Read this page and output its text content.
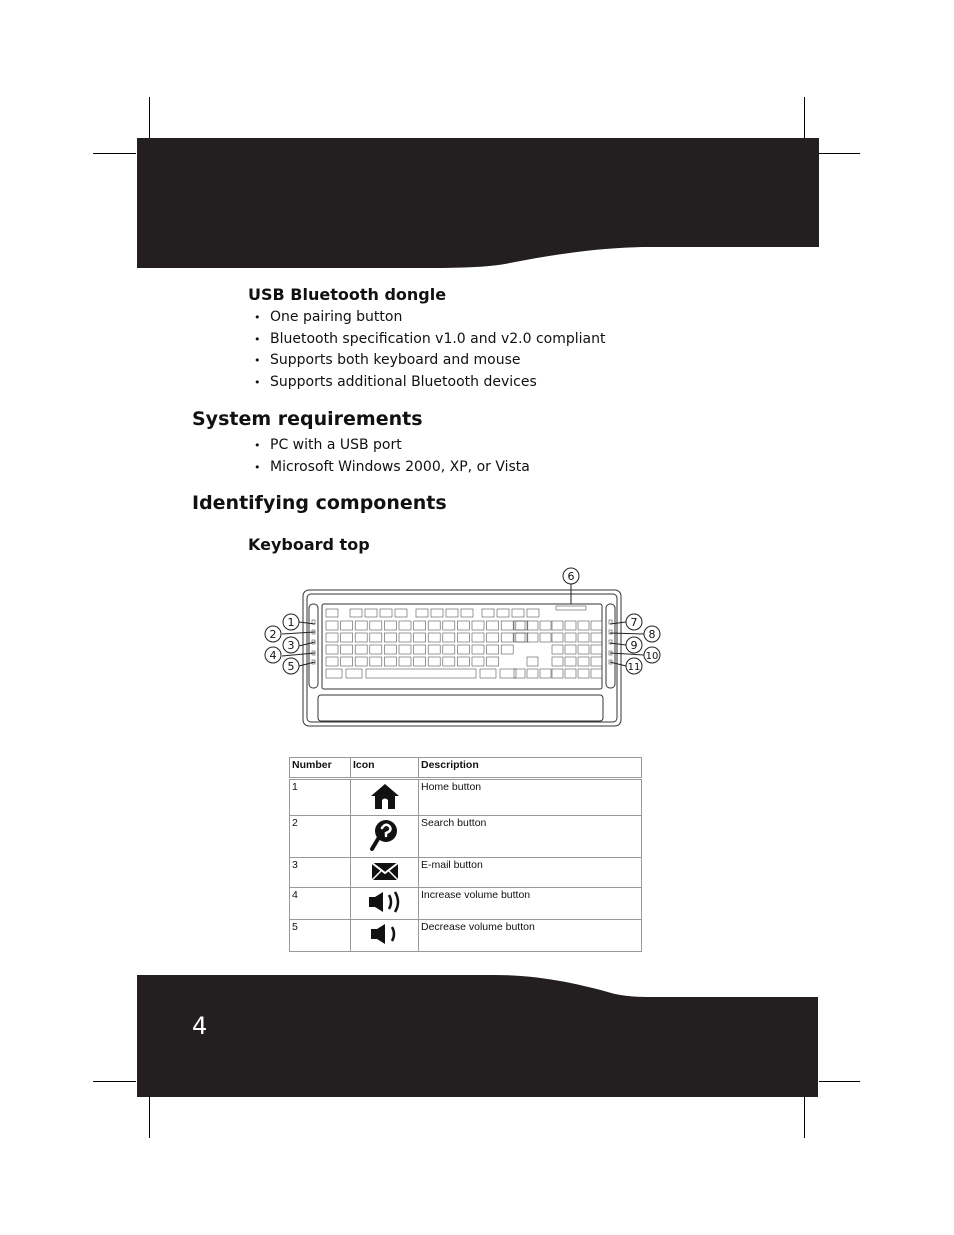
4
USB Bluetooth dongle
• One pairing button
• Bluetooth specification v1.0 and v2.0 compliant
• Supports both keyboard and mouse
• Supports additional Bluetooth devices
System requirements
• PC with a USB port
• Microsoft Windows 2000, XP, or Vista
Identifying components
Keyboard top
1
2
3
4
5
6
7
8
9
10
11
Number	Icon	Description
1		Home button
2		Search button
3		E-mail button
4		Increase volume button
5		Decrease volume button
